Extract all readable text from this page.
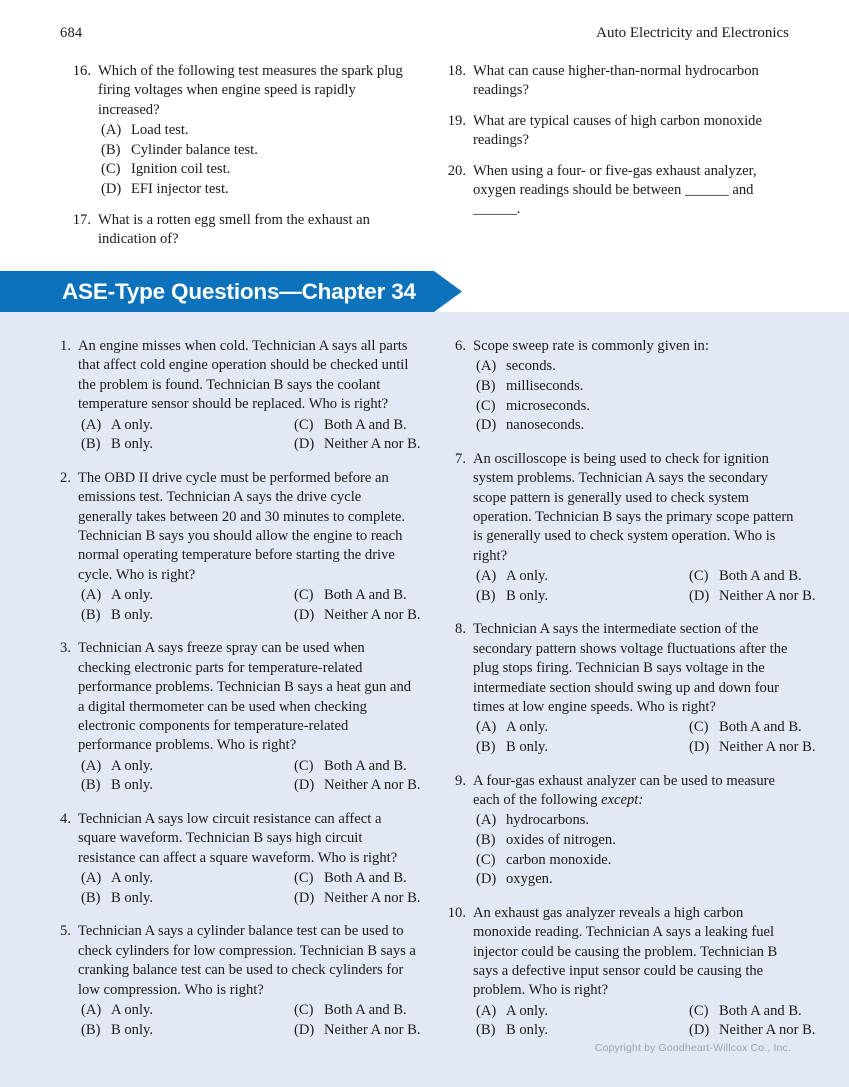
684	Auto Electricity and Electronics
16. Which of the following test measures the spark plug firing voltages when engine speed is rapidly increased?
(A) Load test.
(B) Cylinder balance test.
(C) Ignition coil test.
(D) EFI injector test.
17. What is a rotten egg smell from the exhaust an indication of?
18. What can cause higher-than-normal hydrocarbon readings?
19. What are typical causes of high carbon monoxide readings?
20. When using a four- or five-gas exhaust analyzer, oxygen readings should be between ______ and ______.
ASE-Type Questions—Chapter 34
1. An engine misses when cold. Technician A says all parts that affect cold engine operation should be checked until the problem is found. Technician B says the coolant temperature sensor should be replaced. Who is right?
(A) A only.	(C) Both A and B.
(B) B only.	(D) Neither A nor B.
2. The OBD II drive cycle must be performed before an emissions test. Technician A says the drive cycle generally takes between 20 and 30 minutes to complete. Technician B says you should allow the engine to reach normal operating temperature before starting the drive cycle. Who is right?
(A) A only.	(C) Both A and B.
(B) B only.	(D) Neither A nor B.
3. Technician A says freeze spray can be used when checking electronic parts for temperature-related performance problems. Technician B says a heat gun and a digital thermometer can be used when checking electronic components for temperature-related performance problems. Who is right?
(A) A only.	(C) Both A and B.
(B) B only.	(D) Neither A nor B.
4. Technician A says low circuit resistance can affect a square waveform. Technician B says high circuit resistance can affect a square waveform. Who is right?
(A) A only.	(C) Both A and B.
(B) B only.	(D) Neither A nor B.
5. Technician A says a cylinder balance test can be used to check cylinders for low compression. Technician B says a cranking balance test can be used to check cylinders for low compression. Who is right?
(A) A only.	(C) Both A and B.
(B) B only.	(D) Neither A nor B.
6. Scope sweep rate is commonly given in:
(A) seconds.
(B) milliseconds.
(C) microseconds.
(D) nanoseconds.
7. An oscilloscope is being used to check for ignition system problems. Technician A says the secondary scope pattern is generally used to check system operation. Technician B says the primary scope pattern is generally used to check system operation. Who is right?
(A) A only.	(C) Both A and B.
(B) B only.	(D) Neither A nor B.
8. Technician A says the intermediate section of the secondary pattern shows voltage fluctuations after the plug stops firing. Technician B says voltage in the intermediate section should swing up and down four times at low engine speeds. Who is right?
(A) A only.	(C) Both A and B.
(B) B only.	(D) Neither A nor B.
9. A four-gas exhaust analyzer can be used to measure each of the following except:
(A) hydrocarbons.
(B) oxides of nitrogen.
(C) carbon monoxide.
(D) oxygen.
10. An exhaust gas analyzer reveals a high carbon monoxide reading. Technician A says a leaking fuel injector could be causing the problem. Technician B says a defective input sensor could be causing the problem. Who is right?
(A) A only.	(C) Both A and B.
(B) B only.	(D) Neither A nor B.
Copyright by Goodheart-Willcox Co., Inc.
